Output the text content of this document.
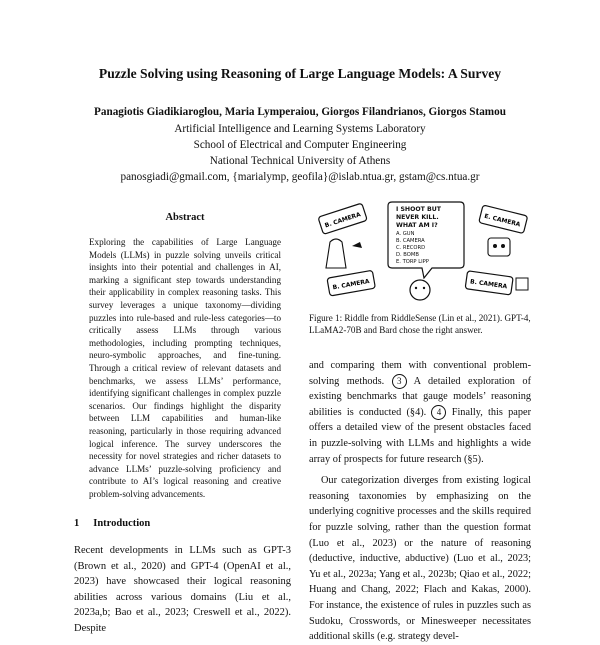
Puzzle Solving using Reasoning of Large Language Models: A Survey
Panagiotis Giadikiaroglou, Maria Lymperaiou, Giorgos Filandrianos, Giorgos Stamou
Artificial Intelligence and Learning Systems Laboratory
School of Electrical and Computer Engineering
National Technical University of Athens
panosgiadi@gmail.com, {marialymp, geofila}@islab.ntua.gr, gstam@cs.ntua.gr
Abstract
Exploring the capabilities of Large Language Models (LLMs) in puzzle solving unveils critical insights into their potential and challenges in AI, marking a significant step towards understanding their applicability in complex reasoning tasks. This survey leverages a unique taxonomy—dividing puzzles into rule-based and rule-less categories—to critically assess LLMs through various methodologies, including prompting techniques, neuro-symbolic approaches, and fine-tuning. Through a critical review of relevant datasets and benchmarks, we assess LLMs’ performance, identifying significant challenges in complex puzzle scenarios. Our findings highlight the disparity between LLM capabilities and human-like reasoning, particularly in those requiring advanced logical inference. The survey underscores the necessity for novel strategies and richer datasets to advance LLMs’ puzzle-solving proficiency and contribute to AI’s logical reasoning and creative problem-solving advancements.
1 Introduction
Recent developments in LLMs such as GPT-3 (Brown et al., 2020) and GPT-4 (OpenAI et al., 2023) have showcased their logical reasoning abilities across various domains (Liu et al., 2023a,b; Bao et al., 2023; Creswell et al., 2022). Despite
I SHOOT BUT
NEVER KILL.
WHAT AM I?
A. GUN
B. CAMERA
C. RECORD
D. BOMB
E. TORP LIPP
B. CAMERA	E. CAMERA
B. CAMERA	B. CAMERA
Figure 1: Riddle from RiddleSense (Lin et al., 2021). GPT-4, LLaMA2-70B and Bard chose the right answer.

and comparing them with conventional problem-solving methods. 3 A detailed exploration of existing benchmarks that gauge models’ reasoning abilities is conducted (§4). 4 Finally, this paper offers a detailed view of the present obstacles faced in puzzle-solving with LLMs and highlights a wide array of prospects for future research (§5).

Our categorization diverges from existing logical reasoning taxonomies by emphasizing on the underlying cognitive processes and the skills required for puzzle solving, rather than the question format (Luo et al., 2023) or the nature of reasoning (deductive, inductive, abductive) (Luo et al., 2023; Yu et al., 2023a; Yang et al., 2023b; Qiao et al., 2022; Huang and Chang, 2022; Flach and Kakas, 2000). For instance, the existence of rules in puzzles such as Sudoku, Crosswords, or Minesweeper necessitates additional skills (e.g. strategy devel-
